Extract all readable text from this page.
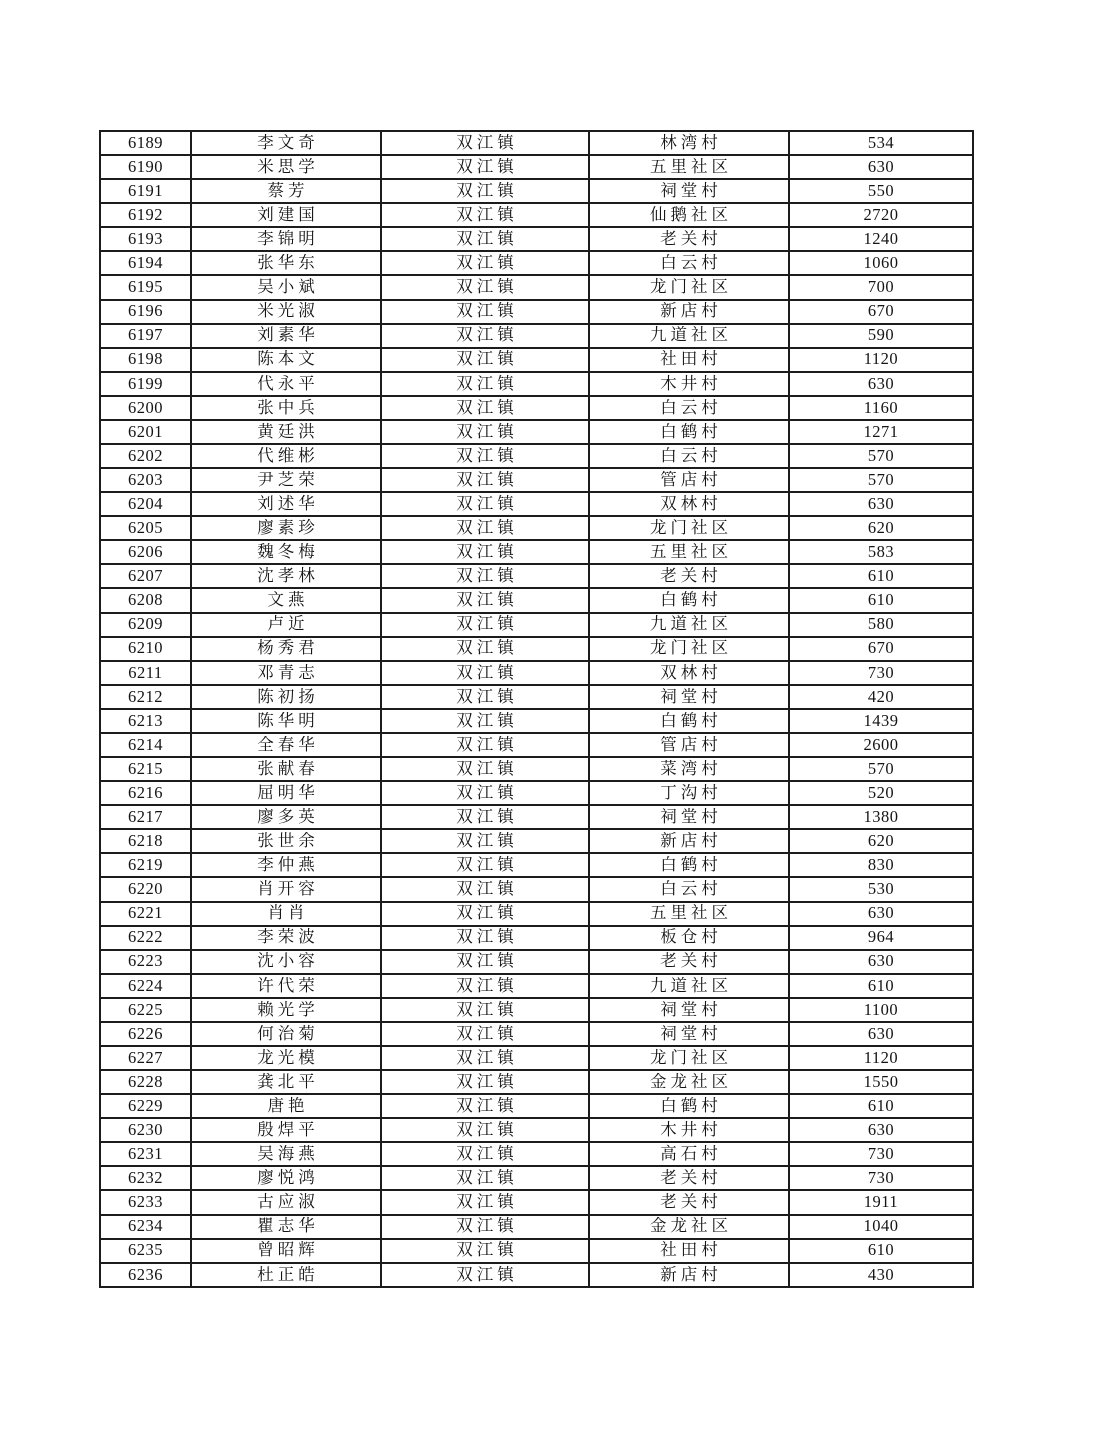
6189	李文奇	双江镇	林湾村	534
6190	米思学	双江镇	五里社区	630
6191	蔡芳	双江镇	祠堂村	550
6192	刘建国	双江镇	仙鹅社区	2720
6193	李锦明	双江镇	老关村	1240
6194	张华东	双江镇	白云村	1060
6195	吴小斌	双江镇	龙门社区	700
6196	米光淑	双江镇	新店村	670
6197	刘素华	双江镇	九道社区	590
6198	陈本文	双江镇	社田村	1120
6199	代永平	双江镇	木井村	630
6200	张中兵	双江镇	白云村	1160
6201	黄廷洪	双江镇	白鹤村	1271
6202	代维彬	双江镇	白云村	570
6203	尹芝荣	双江镇	管店村	570
6204	刘述华	双江镇	双林村	630
6205	廖素珍	双江镇	龙门社区	620
6206	魏冬梅	双江镇	五里社区	583
6207	沈孝林	双江镇	老关村	610
6208	文燕	双江镇	白鹤村	610
6209	卢近	双江镇	九道社区	580
6210	杨秀君	双江镇	龙门社区	670
6211	邓青志	双江镇	双林村	730
6212	陈初扬	双江镇	祠堂村	420
6213	陈华明	双江镇	白鹤村	1439
6214	全春华	双江镇	管店村	2600
6215	张献春	双江镇	菜湾村	570
6216	屈明华	双江镇	丁沟村	520
6217	廖多英	双江镇	祠堂村	1380
6218	张世余	双江镇	新店村	620
6219	李仲燕	双江镇	白鹤村	830
6220	肖开容	双江镇	白云村	530
6221	肖肖	双江镇	五里社区	630
6222	李荣波	双江镇	板仓村	964
6223	沈小容	双江镇	老关村	630
6224	许代荣	双江镇	九道社区	610
6225	赖光学	双江镇	祠堂村	1100
6226	何治菊	双江镇	祠堂村	630
6227	龙光模	双江镇	龙门社区	1120
6228	龚北平	双江镇	金龙社区	1550
6229	唐艳	双江镇	白鹤村	610
6230	殷焊平	双江镇	木井村	630
6231	吴海燕	双江镇	高石村	730
6232	廖悦鸿	双江镇	老关村	730
6233	古应淑	双江镇	老关村	1911
6234	瞿志华	双江镇	金龙社区	1040
6235	曾昭辉	双江镇	社田村	610
6236	杜正皓	双江镇	新店村	430
